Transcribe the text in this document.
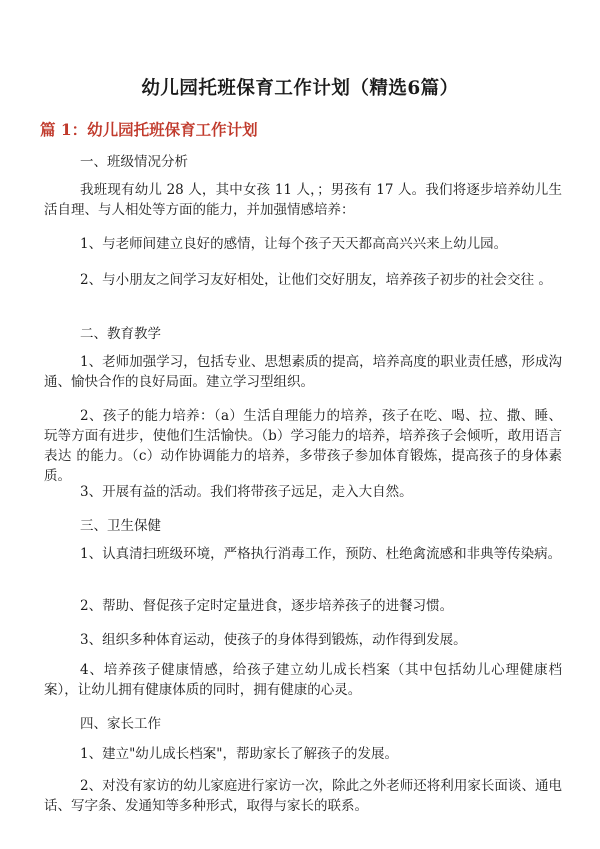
幼儿园托班保育工作计划（精选6篇）
篇 1：幼儿园托班保育工作计划
一、班级情况分析
我班现有幼儿 28 人，其中女孩 11 人，；男孩有 17 人。我们将逐步培养幼儿生 活自理、与人相处等方面的能力，并加强情感培养：
1、与老师间建立良好的感情，让每个孩子天天都高高兴兴来上幼儿园。
2、与小朋友之间学习友好相处，让他们交好朋友，培养孩子初步的社会交往 。
二、教育教学
1、老师加强学习，包括专业、思想素质的提高，培养高度的职业责任感，形成沟通、愉快合作的良好局面。建立学习型组织。
2、孩子的能力培养：（a）生活自理能力的培养，孩子在吃、喝、拉、撒、睡、玩等方面有进步，使他们生活愉快。（b）学习能力的培养，培养孩子会倾听，敢用语言表达 的能力。（c）动作协调能力的培养，多带孩子参加体育锻炼，提高孩子的身体素质。
3、开展有益的活动。我们将带孩子远足，走入大自然。
三、卫生保健
1、认真清扫班级环境，严格执行消毒工作，预防、杜绝禽流感和非典等传染病。
2、帮助、督促孩子定时定量进食，逐步培养孩子的进餐习惯。
3、组织多种体育运动，使孩子的身体得到锻炼，动作得到发展。
4、培养孩子健康情感，给孩子建立幼儿成长档案（其中包括幼儿心理健康档案），让幼儿拥有健康体质的同时，拥有健康的心灵。
四、家长工作
1、建立"幼儿成长档案"，帮助家长了解孩子的发展。
2、对没有家访的幼儿家庭进行家访一次，除此之外老师还将利用家长面谈、通电话、写字条、发通知等多种形式，取得与家长的联系。
